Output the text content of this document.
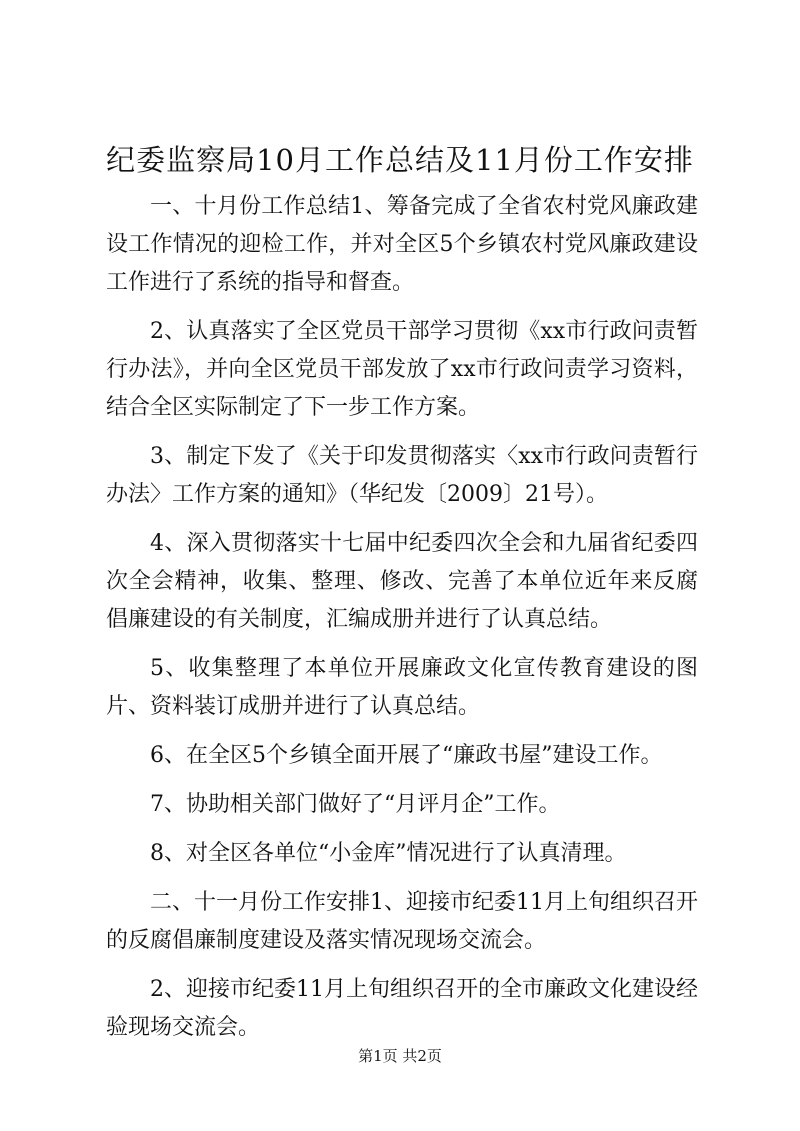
纪委监察局10月工作总结及11月份工作安排

一、十月份工作总结1、筹备完成了全省农村党风廉政建设工作情况的迎检工作，并对全区5个乡镇农村党风廉政建设工作进行了系统的指导和督查。

2、认真落实了全区党员干部学习贯彻《xx市行政问责暂行办法》，并向全区党员干部发放了xx市行政问责学习资料，结合全区实际制定了下一步工作方案。

3、制定下发了《关于印发贯彻落实〈xx市行政问责暂行办法〉工作方案的通知》（华纪发〔2009〕21号）。

4、深入贯彻落实十七届中纪委四次全会和九届省纪委四次全会精神，收集、整理、修改、完善了本单位近年来反腐倡廉建设的有关制度，汇编成册并进行了认真总结。

5、收集整理了本单位开展廉政文化宣传教育建设的图片、资料装订成册并进行了认真总结。

6、在全区5个乡镇全面开展了“廉政书屋”建设工作。

7、协助相关部门做好了“月评月企”工作。

8、对全区各单位“小金库”情况进行了认真清理。

二、十一月份工作安排1、迎接市纪委11月上旬组织召开的反腐倡廉制度建设及落实情况现场交流会。

2、迎接市纪委11月上旬组织召开的全市廉政文化建设经验现场交流会。

第1页 共2页
